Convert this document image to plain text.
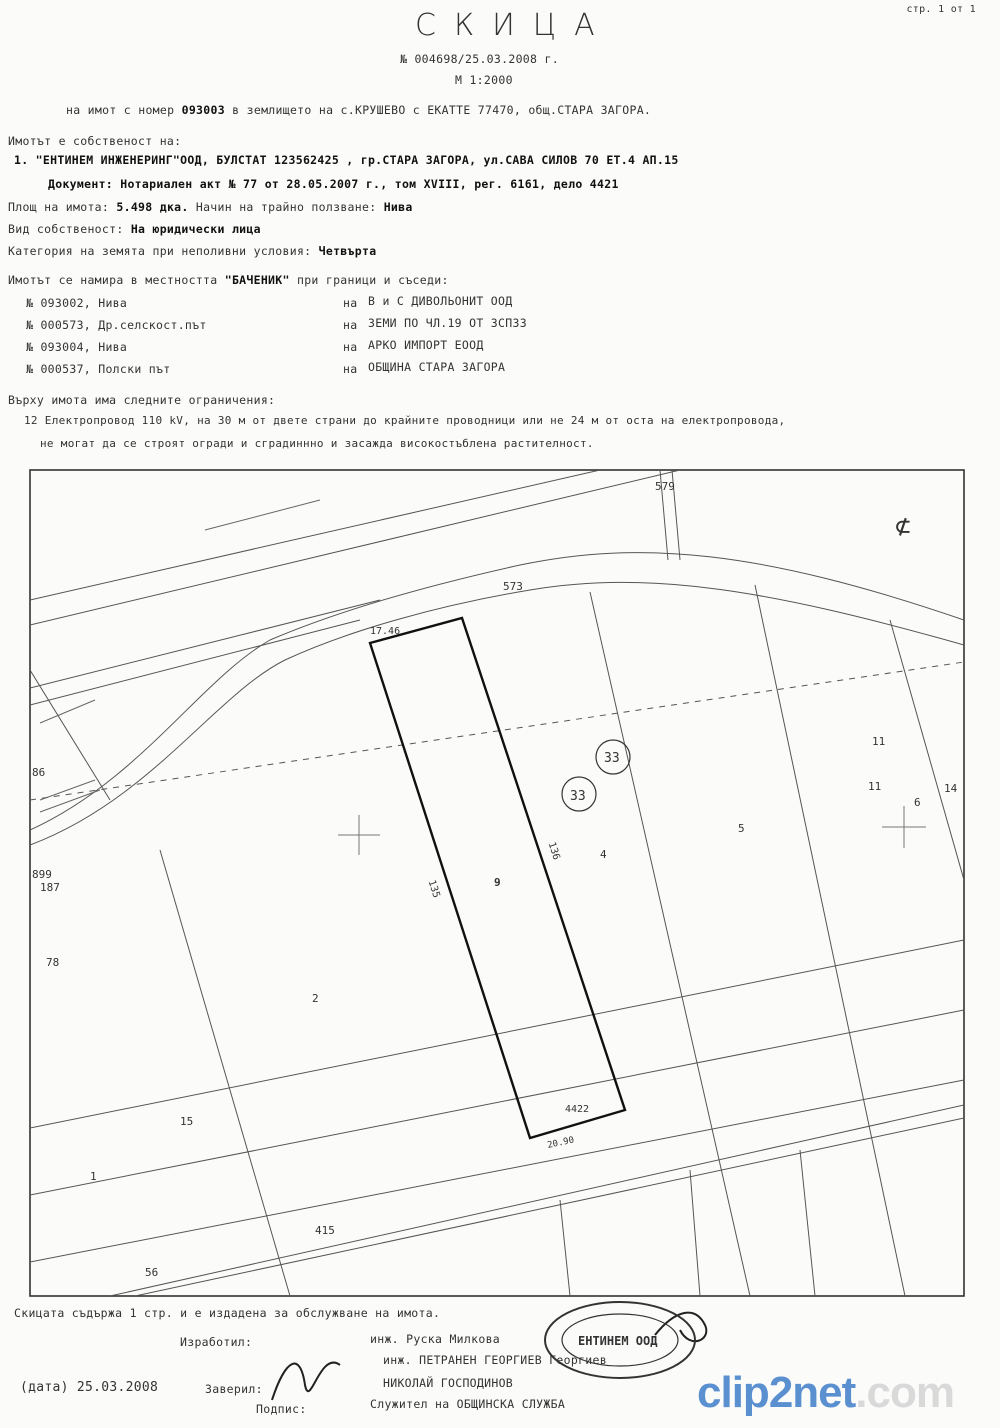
стр. 1 от 1
СКИЦА
№ 004698/25.03.2008 г.
М 1:2000
на имот с номер 093003 в землището на с.КРУШЕВО с ЕКАТТЕ 77470, общ.СТАРА ЗАГОРА.
Имотът е собственост на:
1. "ЕНТИНЕМ ИНЖЕНЕРИНГ"ООД, БУЛСТАТ 123562425 , гр.СТАРА ЗАГОРА, ул.САВА СИЛОВ 70 ЕТ.4 АП.15
Документ: Нотариален акт № 77 от 28.05.2007 г., том XVIII, рег. 6161, дело 4421
Площ на имота: 5.498 дка. Начин на трайно ползване: Нива
Вид собственост: На юридически лица
Категория на земята при неполивни условия: Четвърта
Имотът се намира в местността "БАЧЕНИК" при граници и съседи:
№ 093002, Нива	на В и С ДИВОЛЬОНИТ ООД
№ 000573, Др.селскост.път	на ЗЕМИ ПО ЧЛ.19 ОТ ЗСПЗЗ
№ 093004, Нива	на АРКО ИМПОРТ ЕООД
№ 000537, Полски път	на ОБЩИНА СТАРА ЗАГОРА
Върху имота има следните ограничения:
12 Електропровод 110 kV, на 30 м от двете страни до крайните проводници или не 24 м от оста на електропровода,
не могат да се строят огради и сградиннно и засажда високостъблена растителност.
579
573
17.46
33
33
9
5
4
6
11
11	14
86
899
187
78
2
1
4422
15
415
56
135
136
20.90
⊄
Скицата съдържа 1 стр. и е издадена за обслужване на имота.
Изработил:	инж. Руска Милкова
инж. ПЕТРАНЕН ГЕОРГИЕВ Георгиев
НИКОЛАЙ ГОСПОДИНОВ
Служител на ОБЩИНСКА СЛУЖБА
(дата) 25.03.2008	Заверил:
Подпис:
ЕНТИНЕМ ООД
clip2net.com
